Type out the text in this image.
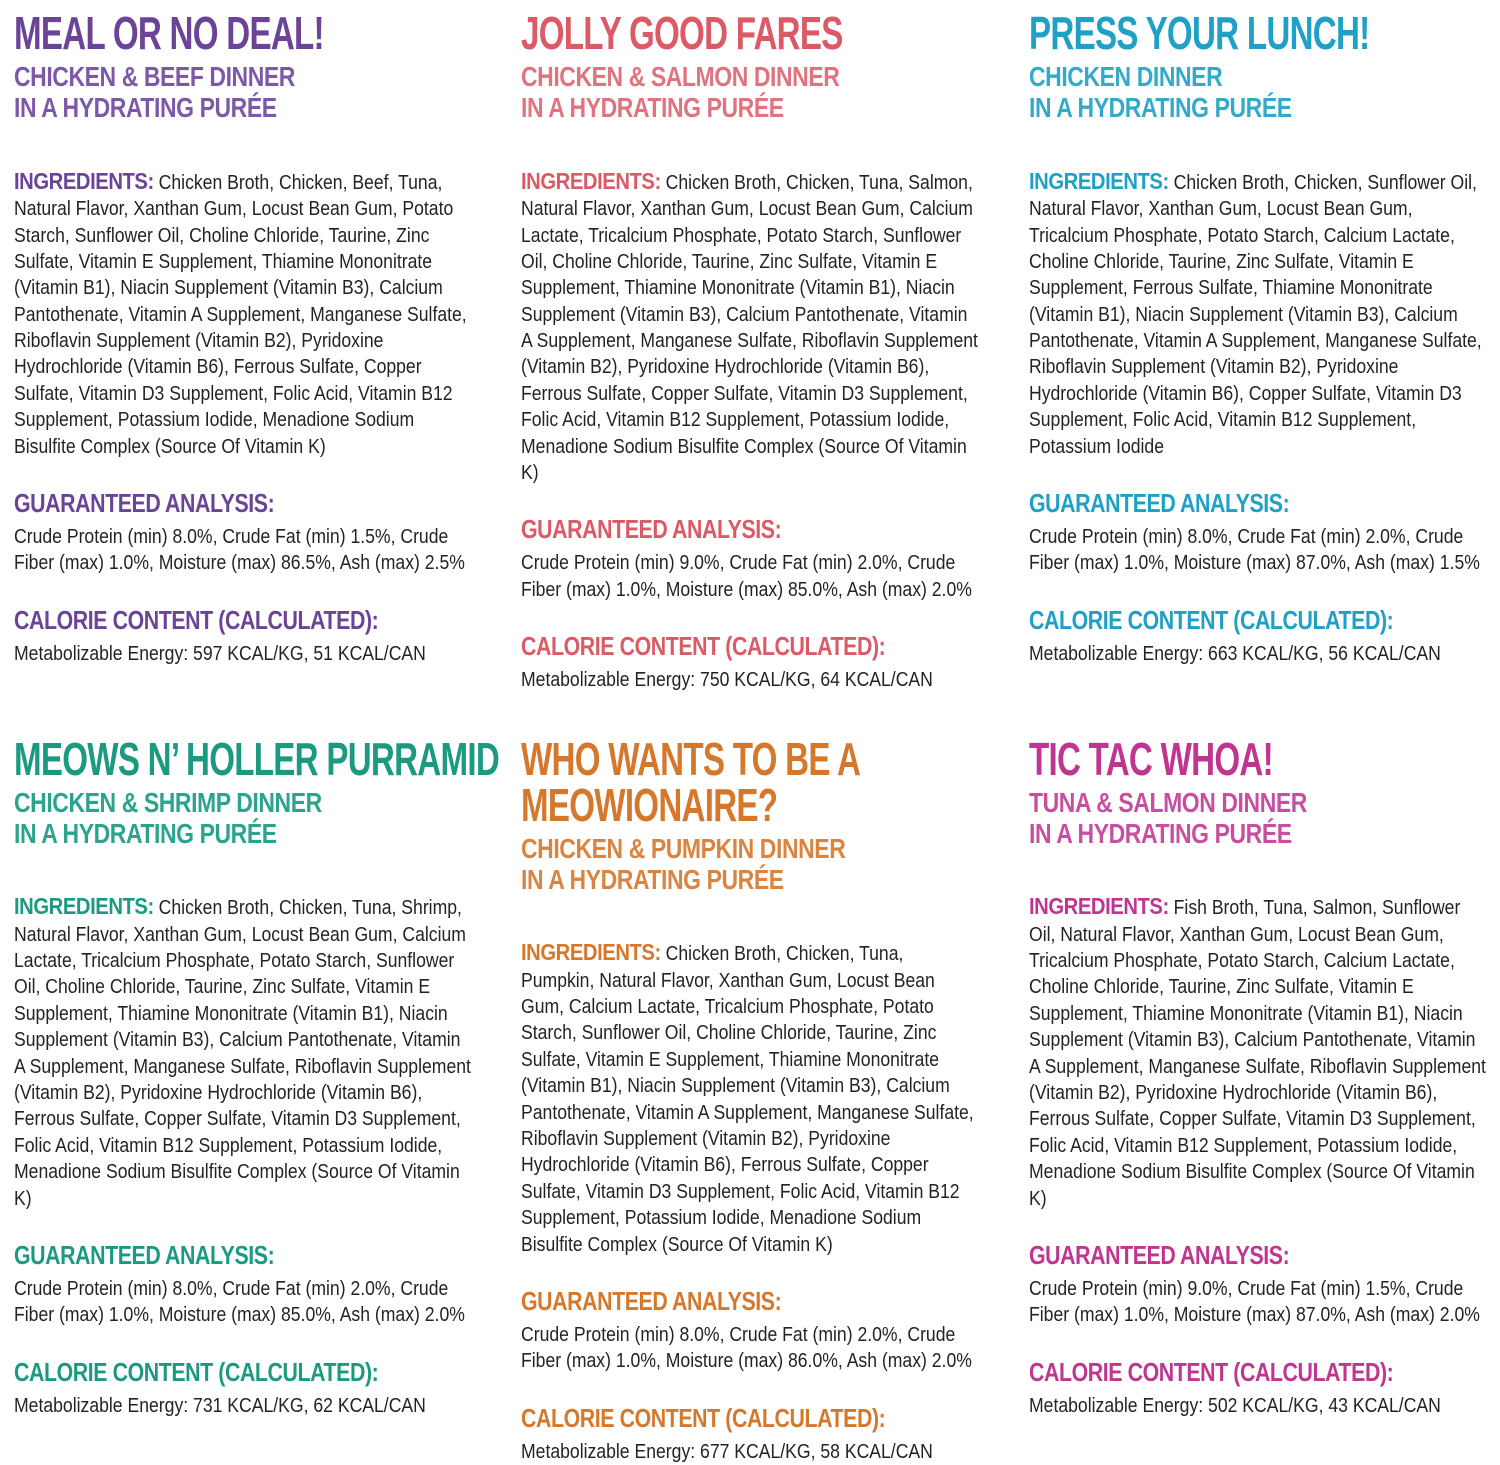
MEAL OR NO DEAL!
CHICKEN & BEEF DINNER
IN A HYDRATING PURÉE

INGREDIENTS: Chicken Broth, Chicken, Beef, Tuna, Natural Flavor, Xanthan Gum, Locust Bean Gum, Potato Starch, Sunflower Oil, Choline Chloride, Taurine, Zinc Sulfate, Vitamin E Supplement, Thiamine Mononitrate (Vitamin B1), Niacin Supplement (Vitamin B3), Calcium Pantothenate, Vitamin A Supplement, Manganese Sulfate, Riboflavin Supplement (Vitamin B2), Pyridoxine Hydrochloride (Vitamin B6), Ferrous Sulfate, Copper Sulfate, Vitamin D3 Supplement, Folic Acid, Vitamin B12 Supplement, Potassium Iodide, Menadione Sodium Bisulfite Complex (Source Of Vitamin K)

GUARANTEED ANALYSIS:

Crude Protein (min) 8.0%, Crude Fat (min) 1.5%, Crude Fiber (max) 1.0%, Moisture (max) 86.5%, Ash (max) 2.5%

CALORIE CONTENT (CALCULATED):

Metabolizable Energy: 597 KCAL/KG, 51 KCAL/CAN

JOLLY GOOD FARES
CHICKEN & SALMON DINNER
IN A HYDRATING PURÉE

INGREDIENTS: Chicken Broth, Chicken, Tuna, Salmon, Natural Flavor, Xanthan Gum, Locust Bean Gum, Calcium Lactate, Tricalcium Phosphate, Potato Starch, Sunflower Oil, Choline Chloride, Taurine, Zinc Sulfate, Vitamin E Supplement, Thiamine Mononitrate (Vitamin B1), Niacin Supplement (Vitamin B3), Calcium Pantothenate, Vitamin A Supplement, Manganese Sulfate, Riboflavin Supplement (Vitamin B2), Pyridoxine Hydrochloride (Vitamin B6), Ferrous Sulfate, Copper Sulfate, Vitamin D3 Supplement, Folic Acid, Vitamin B12 Supplement, Potassium Iodide, Menadione Sodium Bisulfite Complex (Source Of Vitamin K)

GUARANTEED ANALYSIS:

Crude Protein (min) 9.0%, Crude Fat (min) 2.0%, Crude Fiber (max) 1.0%, Moisture (max) 85.0%, Ash (max) 2.0%

CALORIE CONTENT (CALCULATED):

Metabolizable Energy: 750 KCAL/KG, 64 KCAL/CAN

PRESS YOUR LUNCH!
CHICKEN DINNER
IN A HYDRATING PURÉE

INGREDIENTS: Chicken Broth, Chicken, Sunflower Oil, Natural Flavor, Xanthan Gum, Locust Bean Gum, Tricalcium Phosphate, Potato Starch, Calcium Lactate, Choline Chloride, Taurine, Zinc Sulfate, Vitamin E Supplement, Ferrous Sulfate, Thiamine Mononitrate (Vitamin B1), Niacin Supplement (Vitamin B3), Calcium Pantothenate, Vitamin A Supplement, Manganese Sulfate, Riboflavin Supplement (Vitamin B2), Pyridoxine Hydrochloride (Vitamin B6), Copper Sulfate, Vitamin D3 Supplement, Folic Acid, Vitamin B12 Supplement, Potassium Iodide

GUARANTEED ANALYSIS:

Crude Protein (min) 8.0%, Crude Fat (min) 2.0%, Crude Fiber (max) 1.0%, Moisture (max) 87.0%, Ash (max) 1.5%

CALORIE CONTENT (CALCULATED):

Metabolizable Energy: 663 KCAL/KG, 56 KCAL/CAN

MEOWS N’ HOLLER PURRAMID
CHICKEN & SHRIMP DINNER
IN A HYDRATING PURÉE

INGREDIENTS: Chicken Broth, Chicken, Tuna, Shrimp, Natural Flavor, Xanthan Gum, Locust Bean Gum, Calcium Lactate, Tricalcium Phosphate, Potato Starch, Sunflower Oil, Choline Chloride, Taurine, Zinc Sulfate, Vitamin E Supplement, Thiamine Mononitrate (Vitamin B1), Niacin Supplement (Vitamin B3), Calcium Pantothenate, Vitamin A Supplement, Manganese Sulfate, Riboflavin Supplement (Vitamin B2), Pyridoxine Hydrochloride (Vitamin B6), Ferrous Sulfate, Copper Sulfate, Vitamin D3 Supplement, Folic Acid, Vitamin B12 Supplement, Potassium Iodide, Menadione Sodium Bisulfite Complex (Source Of Vitamin K)

GUARANTEED ANALYSIS:

Crude Protein (min) 8.0%, Crude Fat (min) 2.0%, Crude Fiber (max) 1.0%, Moisture (max) 85.0%, Ash (max) 2.0%

CALORIE CONTENT (CALCULATED):

Metabolizable Energy: 731 KCAL/KG, 62 KCAL/CAN

WHO WANTS TO BE A
MEOWIONAIRE?
CHICKEN & PUMPKIN DINNER
IN A HYDRATING PURÉE

INGREDIENTS: Chicken Broth, Chicken, Tuna, Pumpkin, Natural Flavor, Xanthan Gum, Locust Bean Gum, Calcium Lactate, Tricalcium Phosphate, Potato Starch, Sunflower Oil, Choline Chloride, Taurine, Zinc Sulfate, Vitamin E Supplement, Thiamine Mononitrate (Vitamin B1), Niacin Supplement (Vitamin B3), Calcium Pantothenate, Vitamin A Supplement, Manganese Sulfate, Riboflavin Supplement (Vitamin B2), Pyridoxine Hydrochloride (Vitamin B6), Ferrous Sulfate, Copper Sulfate, Vitamin D3 Supplement, Folic Acid, Vitamin B12 Supplement, Potassium Iodide, Menadione Sodium Bisulfite Complex (Source Of Vitamin K)

GUARANTEED ANALYSIS:

Crude Protein (min) 8.0%, Crude Fat (min) 2.0%, Crude Fiber (max) 1.0%, Moisture (max) 86.0%, Ash (max) 2.0%

CALORIE CONTENT (CALCULATED):

Metabolizable Energy: 677 KCAL/KG, 58 KCAL/CAN

TIC TAC WHOA!
TUNA & SALMON DINNER
IN A HYDRATING PURÉE

INGREDIENTS: Fish Broth, Tuna, Salmon, Sunflower Oil, Natural Flavor, Xanthan Gum, Locust Bean Gum, Tricalcium Phosphate, Potato Starch, Calcium Lactate, Choline Chloride, Taurine, Zinc Sulfate, Vitamin E Supplement, Thiamine Mononitrate (Vitamin B1), Niacin Supplement (Vitamin B3), Calcium Pantothenate, Vitamin A Supplement, Manganese Sulfate, Riboflavin Supplement (Vitamin B2), Pyridoxine Hydrochloride (Vitamin B6), Ferrous Sulfate, Copper Sulfate, Vitamin D3 Supplement, Folic Acid, Vitamin B12 Supplement, Potassium Iodide, Menadione Sodium Bisulfite Complex (Source Of Vitamin K)

GUARANTEED ANALYSIS:

Crude Protein (min) 9.0%, Crude Fat (min) 1.5%, Crude Fiber (max) 1.0%, Moisture (max) 87.0%, Ash (max) 2.0%

CALORIE CONTENT (CALCULATED):

Metabolizable Energy: 502 KCAL/KG, 43 KCAL/CAN
